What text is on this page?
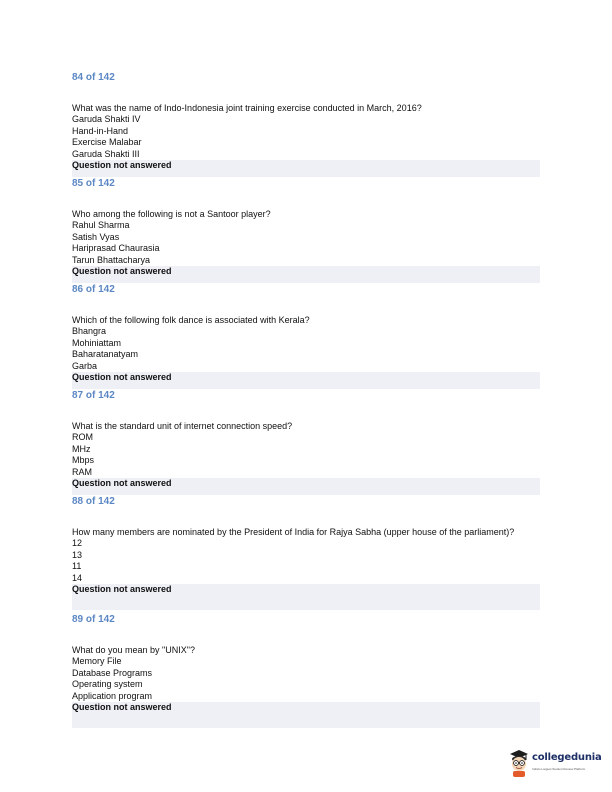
84 of 142
What was the name of Indo-Indonesia joint training exercise conducted in March, 2016?
Garuda Shakti IV
Hand-in-Hand
Exercise Malabar
Garuda Shakti III
Question not answered
85 of 142
Who among the following is not a Santoor player?
Rahul Sharma
Satish Vyas
Hariprasad Chaurasia
Tarun Bhattacharya
Question not answered
86 of 142
Which of the following folk dance is associated with Kerala?
Bhangra
Mohiniattam
Baharatanatyam
Garba
Question not answered
87 of 142
What is the standard unit of internet connection speed?
ROM
MHz
Mbps
RAM
Question not answered
88 of 142
How many members are nominated by the President of India for Rajya Sabha (upper house of the parliament)?
12
13
11
14
Question not answered
89 of 142
What do you mean by "UNIX"?
Memory File
Database Programs
Operating system
Application program
Question not answered
collegedunia
India's Largest Student Review Platform
